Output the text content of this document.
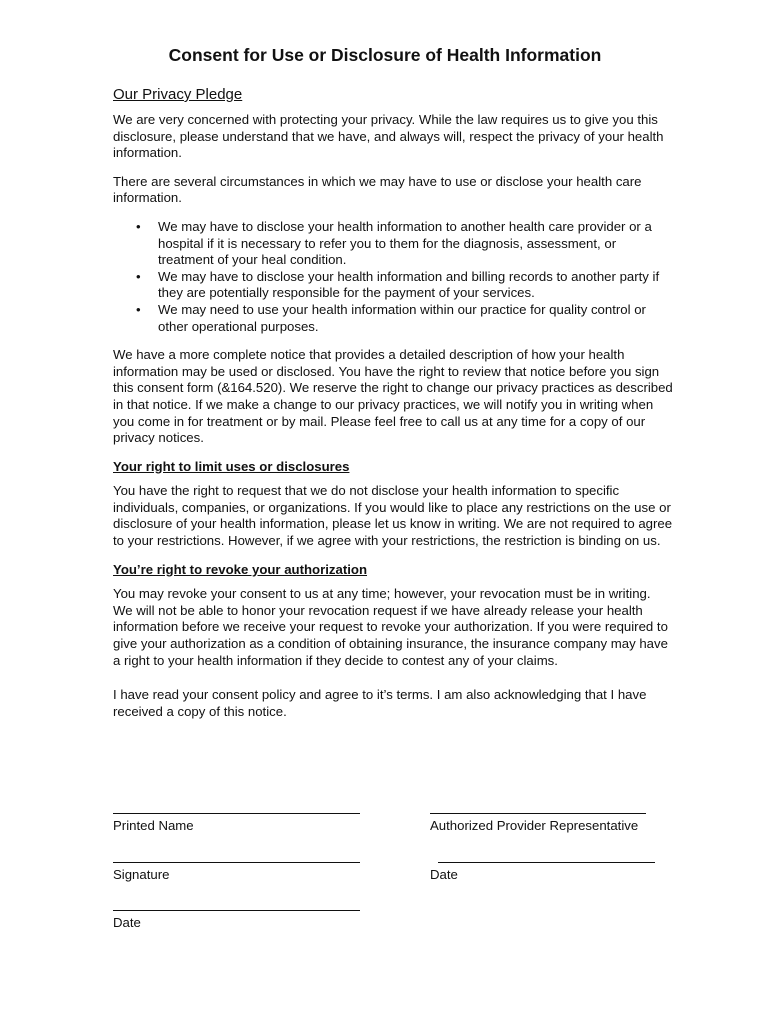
Consent for Use or Disclosure of Health Information
Our Privacy Pledge

We are very concerned with protecting your privacy. While the law requires us to give you this disclosure, please understand that we have, and always will, respect the privacy of your health information.

There are several circumstances in which we may have to use or disclose your health care information.

• We may have to disclose your health information to another health care provider or a hospital if it is necessary to refer you to them for the diagnosis, assessment, or treatment of your heal condition.
• We may have to disclose your health information and billing records to another party if they are potentially responsible for the payment of your services.
• We may need to use your health information within our practice for quality control or other operational purposes.

We have a more complete notice that provides a detailed description of how your health information may be used or disclosed. You have the right to review that notice before you sign this consent form (&164.520). We reserve the right to change our privacy practices as described in that notice. If we make a change to our privacy practices, we will notify you in writing when you come in for treatment or by mail. Please feel free to call us at any time for a copy of our privacy notices.

Your right to limit uses or disclosures

You have the right to request that we do not disclose your health information to specific individuals, companies, or organizations. If you would like to place any restrictions on the use or disclosure of your health information, please let us know in writing. We are not required to agree to your restrictions. However, if we agree with your restrictions, the restriction is binding on us.

You’re right to revoke your authorization

You may revoke your consent to us at any time; however, your revocation must be in writing. We will not be able to honor your revocation request if we have already release your health information before we receive your request to revoke your authorization. If you were required to give your authorization as a condition of obtaining insurance, the insurance company may have a right to your health information if they decide to contest any of your claims.

I have read your consent policy and agree to it’s terms. I am also acknowledging that I have received a copy of this notice.

Printed Name	Authorized Provider Representative
Signature	Date
Date
